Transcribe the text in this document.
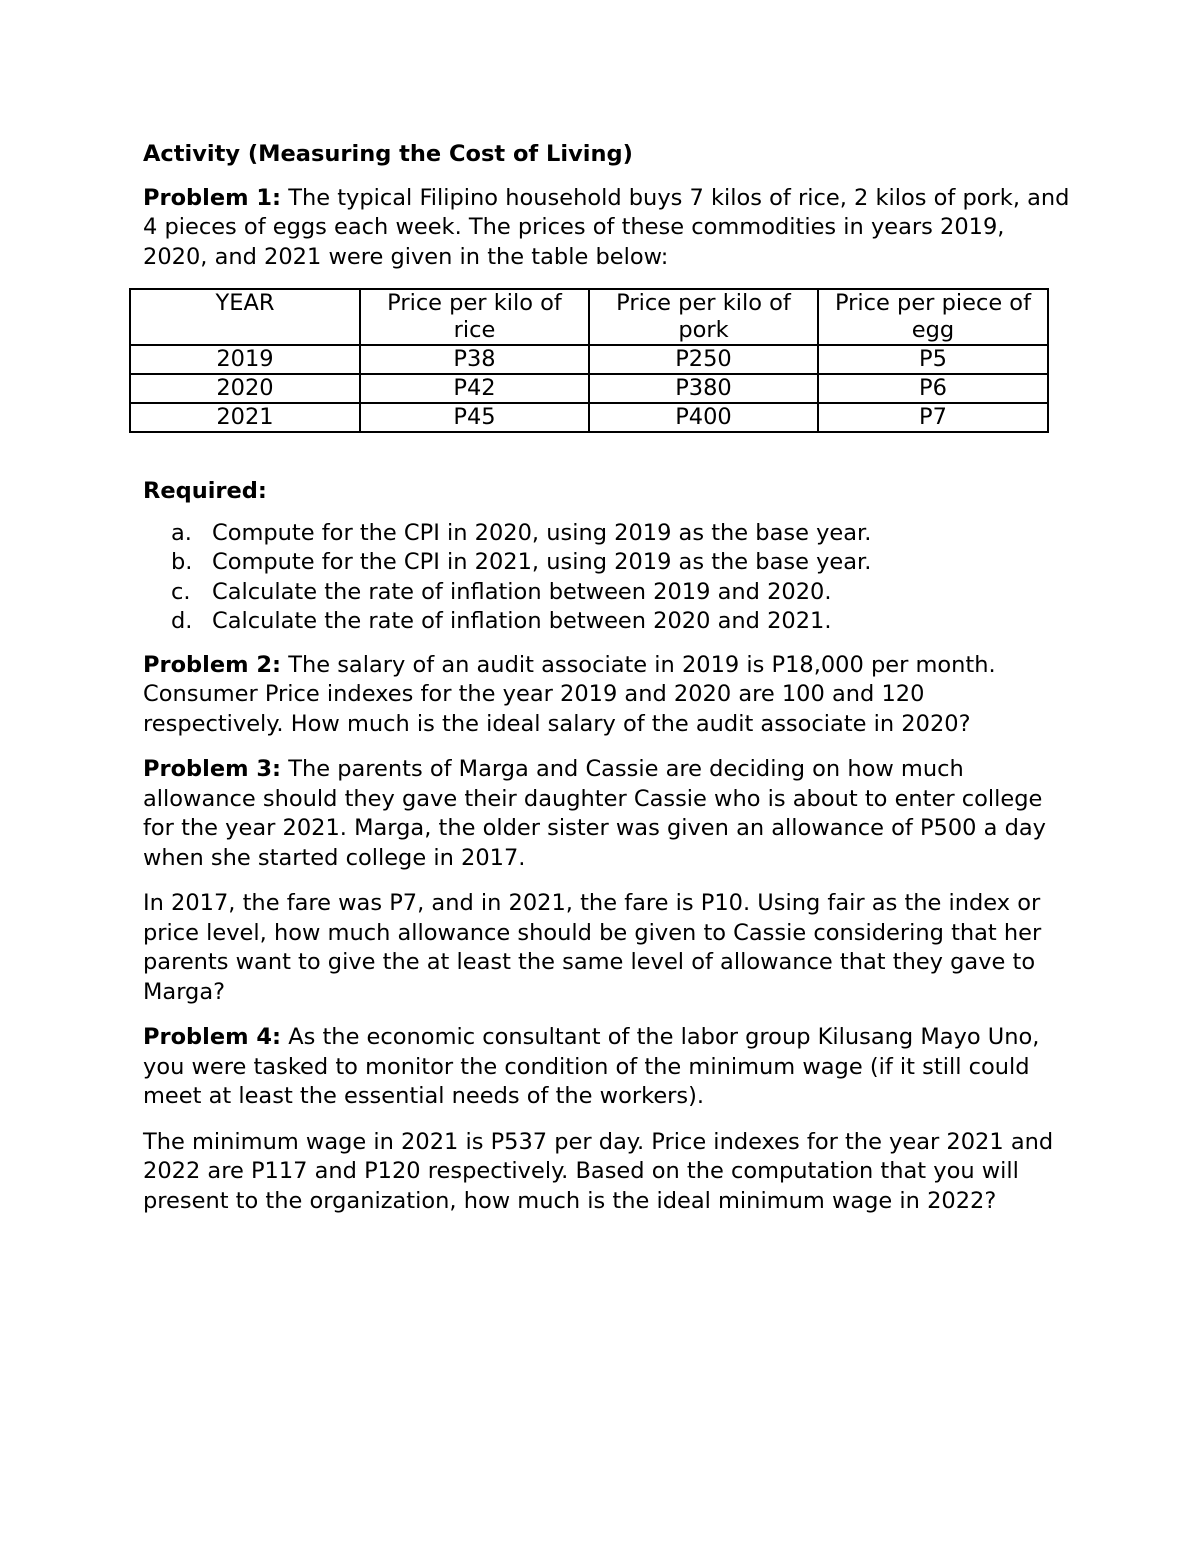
Activity (Measuring the Cost of Living)

Problem 1: The typical Filipino household buys 7 kilos of rice, 2 kilos of pork, and 4 pieces of eggs each week. The prices of these commodities in years 2019, 2020, and 2021 were given in the table below:

YEAR	Price per kilo of rice	Price per kilo of pork	Price per piece of egg
2019	P38	P250	P5
2020	P42	P380	P6
2021	P45	P400	P7
Required:
a. Compute for the CPI in 2020, using 2019 as the base year.
b. Compute for the CPI in 2021, using 2019 as the base year.
c. Calculate the rate of inflation between 2019 and 2020.
d. Calculate the rate of inflation between 2020 and 2021.

Problem 2: The salary of an audit associate in 2019 is P18,000 per month. Consumer Price indexes for the year 2019 and 2020 are 100 and 120 respectively. How much is the ideal salary of the audit associate in 2020?

Problem 3: The parents of Marga and Cassie are deciding on how much allowance should they gave their daughter Cassie who is about to enter college for the year 2021. Marga, the older sister was given an allowance of P500 a day when she started college in 2017.

In 2017, the fare was P7, and in 2021, the fare is P10. Using fair as the index or price level, how much allowance should be given to Cassie considering that her parents want to give the at least the same level of allowance that they gave to Marga?

Problem 4: As the economic consultant of the labor group Kilusang Mayo Uno, you were tasked to monitor the condition of the minimum wage (if it still could meet at least the essential needs of the workers).

The minimum wage in 2021 is P537 per day. Price indexes for the year 2021 and 2022 are P117 and P120 respectively. Based on the computation that you will present to the organization, how much is the ideal minimum wage in 2022?
